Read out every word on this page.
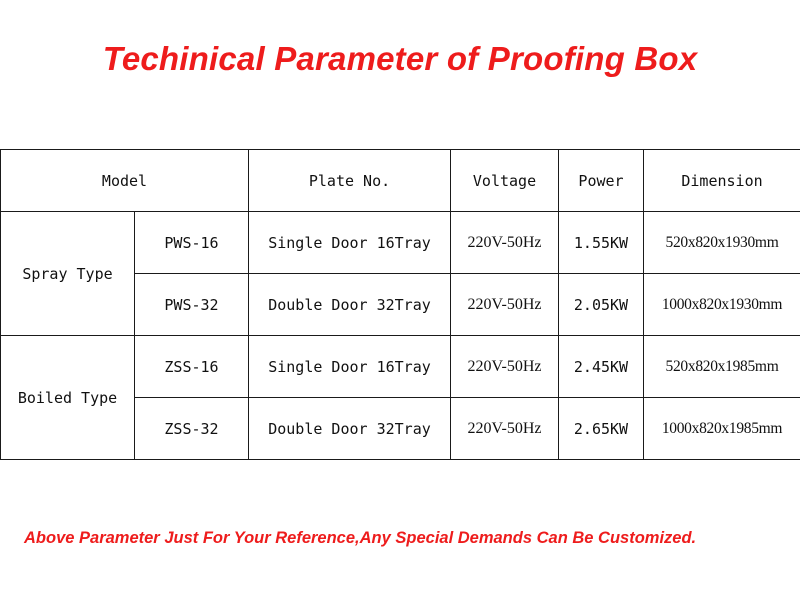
Techinical Parameter of Proofing Box
Model		Plate No.	Voltage	Power	Dimension
Spray Type	PWS-16	Single Door 16Tray	220V-50Hz	1.55KW	520x820x1930mm
	PWS-32	Double Door 32Tray	220V-50Hz	2.05KW	1000x820x1930mm
Boiled Type	ZSS-16	Single Door 16Tray	220V-50Hz	2.45KW	520x820x1985mm
	ZSS-32	Double Door 32Tray	220V-50Hz	2.65KW	1000x820x1985mm
Above Parameter Just For Your Reference,Any Special Demands Can Be Customized.
